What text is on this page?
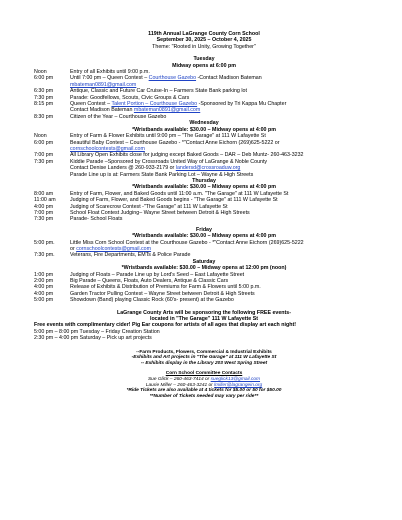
119th Annual LaGrange County Corn School
September 30, 2025 – October 4, 2025
Theme: "Rooted in Unity, Growing Together"
Tuesday
Midway opens at 6:00 pm
Noon	Entry of all Exhibits until 9:00 p.m.
6:00 pm	Until 7:00 pm – Queen Contest – Courthouse Gazebo -Contact Madison Bateman
mbateman0891@gmail.com
6:30 pm	Antique, Classic and Future Car Cruise-In – Farmers State Bank parking lot
7:30 pm	Parade: Goodfellows, Scouts, Civic Groups & Cars
8:15 pm	Queen Contest – Talent Portion – Courthouse Gazebo -Sponsored by Tri Kappa Mu Chapter
Contact Madison Bateman mbateman0891@gmail.com
8:30 pm	Citizen of the Year – Courthouse Gazebo
Wednesday
*Wristbands available: $30.00 – Midway opens at 4:00 pm
Noon	Entry of Farm & Flower Exhibits until 9:00 pm – "The Garage" at 111 W Lafayette St
6:00 pm	Beautiful Baby Contest – Courthouse Gazebo - *"Contact Anne Eichorn (269)625-5222 or
cornschoolcontests@gmail.com
7:00 pm	All Library Open Exhibits close for judging except Baked Goods – DAR – Deb Muntz- 260-463-3232
7:30 pm	Kiddie Parade –Sponsored by Crossroads United Way of LaGrange & Noble County
Contact Denise Landers @ 260-933-2179 or landersd@crossroaduw.org
Parade Line up is at: Farmers State Bank Parking Lot – Wayne & High Streets
Thursday
*Wristbands available: $30.00 – Midway opens at 4:00 pm
8:00 am	Entry of Farm, Flower, and Baked Goods until 11:00 a.m. "The Garage" at 111 W Lafayette St
11:00 am	Judging of Farm, Flower, and Baked Goods begins - "The Garage" at 111 W Lafayette St
4:00 pm	Judging of Scarecrow Contest -"The Garage" at 111 W Lafayette St
7:00 pm	School Float Contest Judging– Wayne Street between Detroit & High Streets
7:30 pm	Parade- School Floats
Friday
*Wristbands available: $30.00 – Midway opens at 4:00 pm
5:00 pm.	Little Miss Corn School Contest at the Courthouse Gazebo - *"Contact Anne Eichorn (269)625-5222
or cornschoolcontests@gmail.com
7:30 pm.	Veterans, Fire Departments, EMTs & Police Parade
Saturday
*Wristbands available: $30.00 – Midway opens at 12:00 pm (noon)
1:00 pm	Judging of Floats – Parade Line up by Lord's Seed – East Lafayette Street
2:00 pm	Big Parade – Queens, Floats, Auto Dealers, Antique & Classic Cars
4:00 pm	Release of Exhibits & Distribution of Premiums for Farm & Flowers until 5:00 p.m.
4:00 pm	Garden Tractor Pulling Contest – Wayne Street between Detroit & High Streets
5:00 pm	Showdown (Band) playing Classic Rock (60's- present) at the Gazebo
LaGrange County Arts will be sponsoring the following FREE events-
located in "The Garage" 111 W Lafayette St
Free events with complimentary cider! Pig Ear coupons for artists of all ages that display art each night!
5:00 pm – 8:00 pm Tuesday – Friday Creation Station
2:30 pm – 4:00 pm Saturday – Pick up art projects
--Farm Products, Flowers, Commercial & Industrial Exhibits
-Exhibits and Art projects in "The Garage" at 111 W Lafayette St
-- Exhibits display in the Library 203 West Spring Street
Corn School Committee Contacts
Sue Glick – 260-463-7414 or sueglick13@gmail.com
Laurie Miller – 260-463-3241 or lmiller@lagrangein.org
*Ride Tickets are also available at 4 tickets for $5.00 or 50 for $50.00
**Number of Tickets needed may vary per ride**
